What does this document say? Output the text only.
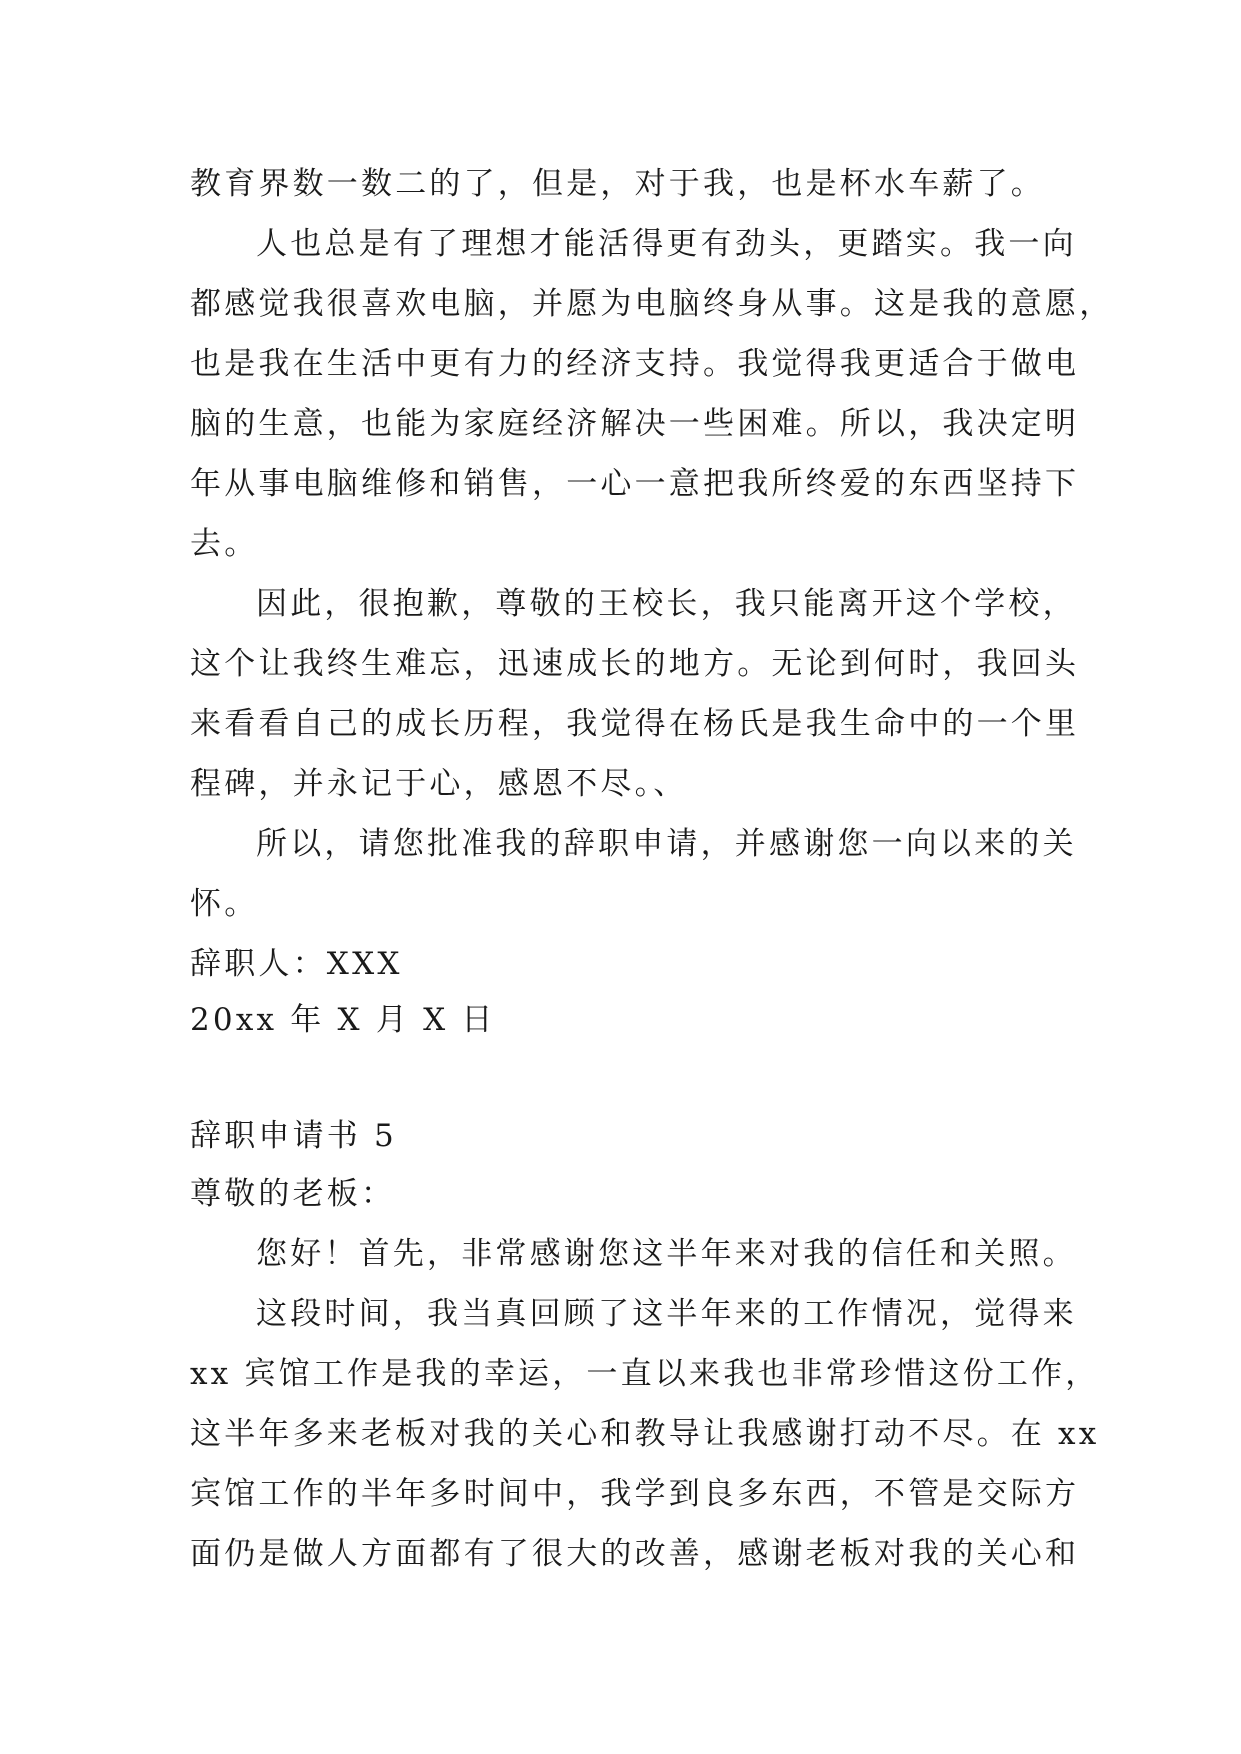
教育界数一数二的了，但是，对于我，也是杯水车薪了。
人也总是有了理想才能活得更有劲头，更踏实。我一向
都感觉我很喜欢电脑，并愿为电脑终身从事。这是我的意愿，
也是我在生活中更有力的经济支持。我觉得我更适合于做电
脑的生意，也能为家庭经济解决一些困难。所以，我决定明
年从事电脑维修和销售，一心一意把我所终爱的东西坚持下
去。
因此，很抱歉，尊敬的王校长，我只能离开这个学校，
这个让我终生难忘，迅速成长的地方。无论到何时，我回头
来看看自己的成长历程，我觉得在杨氏是我生命中的一个里
程碑，并永记于心，感恩不尽。、
所以，请您批准我的辞职申请，并感谢您一向以来的关
怀。
辞职人：XXX
20xx 年 X 月 X 日
辞职申请书 5
尊敬的老板：
您好！首先，非常感谢您这半年来对我的信任和关照。
这段时间，我当真回顾了这半年来的工作情况，觉得来
xx 宾馆工作是我的幸运，一直以来我也非常珍惜这份工作，
这半年多来老板对我的关心和教导让我感谢打动不尽。在 xx
宾馆工作的半年多时间中，我学到良多东西，不管是交际方
面仍是做人方面都有了很大的改善，感谢老板对我的关心和
